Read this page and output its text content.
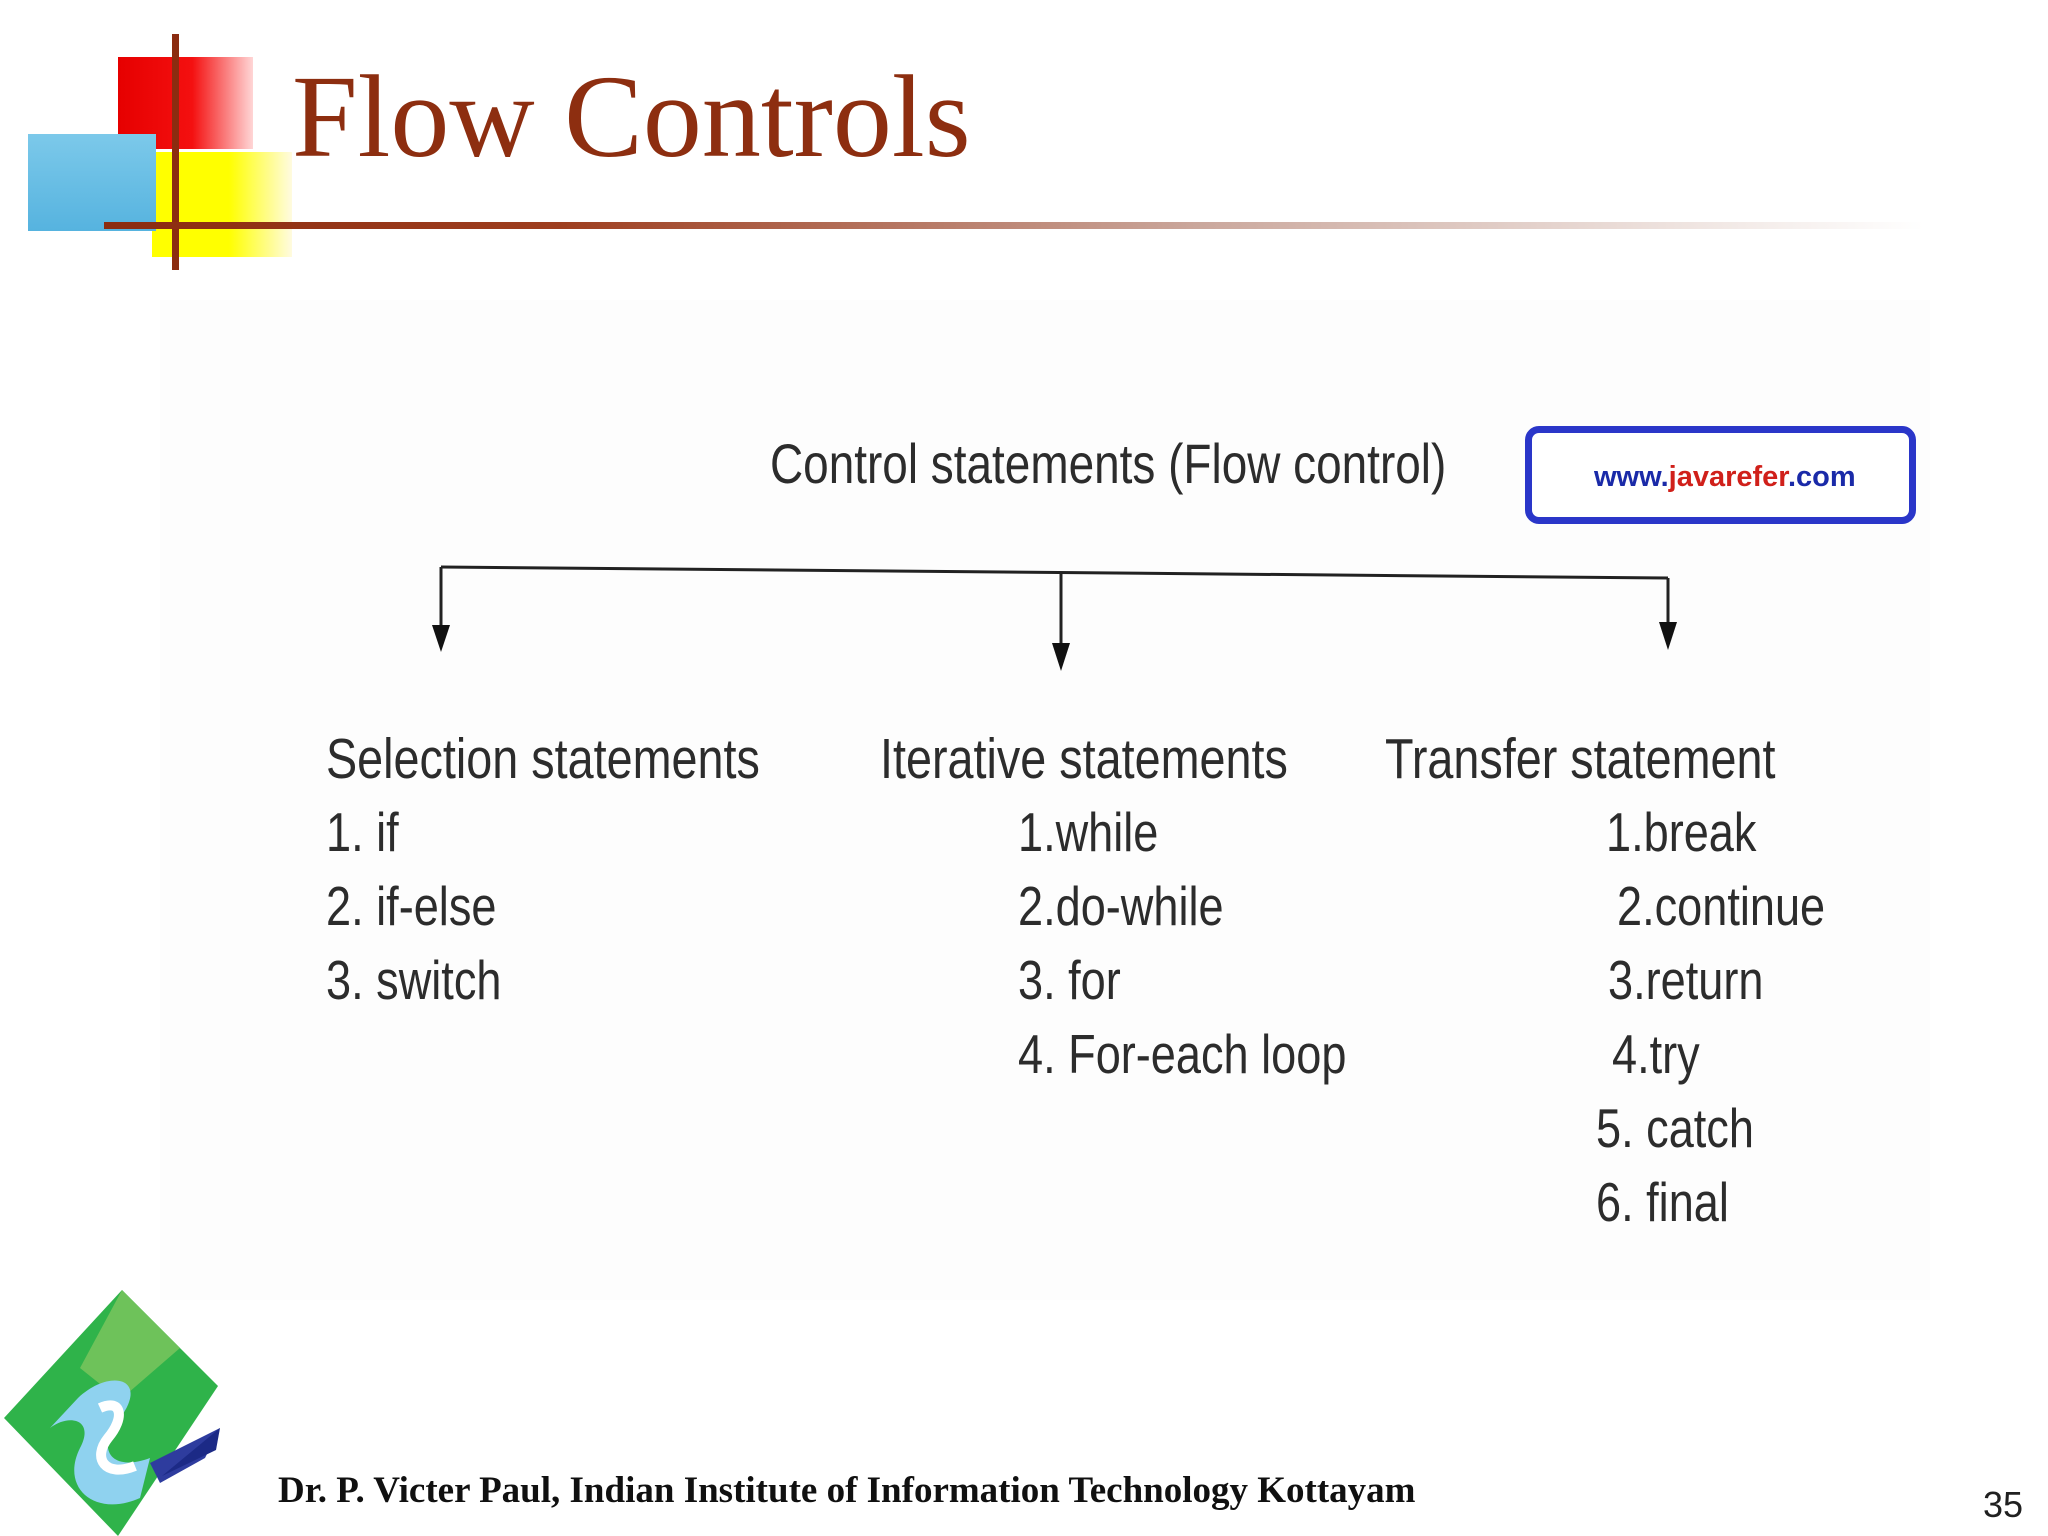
Flow Controls
Control statements (Flow control)	www.javarefer.com
Selection statements
1. if
2. if-else
3. switch
Iterative statements
1.while
2.do-while
3. for
4. For-each loop
Transfer statement
1.break
2.continue
3.return
4.try
5. catch
6. final
Dr. P. Victer Paul, Indian Institute of Information Technology Kottayam	35
